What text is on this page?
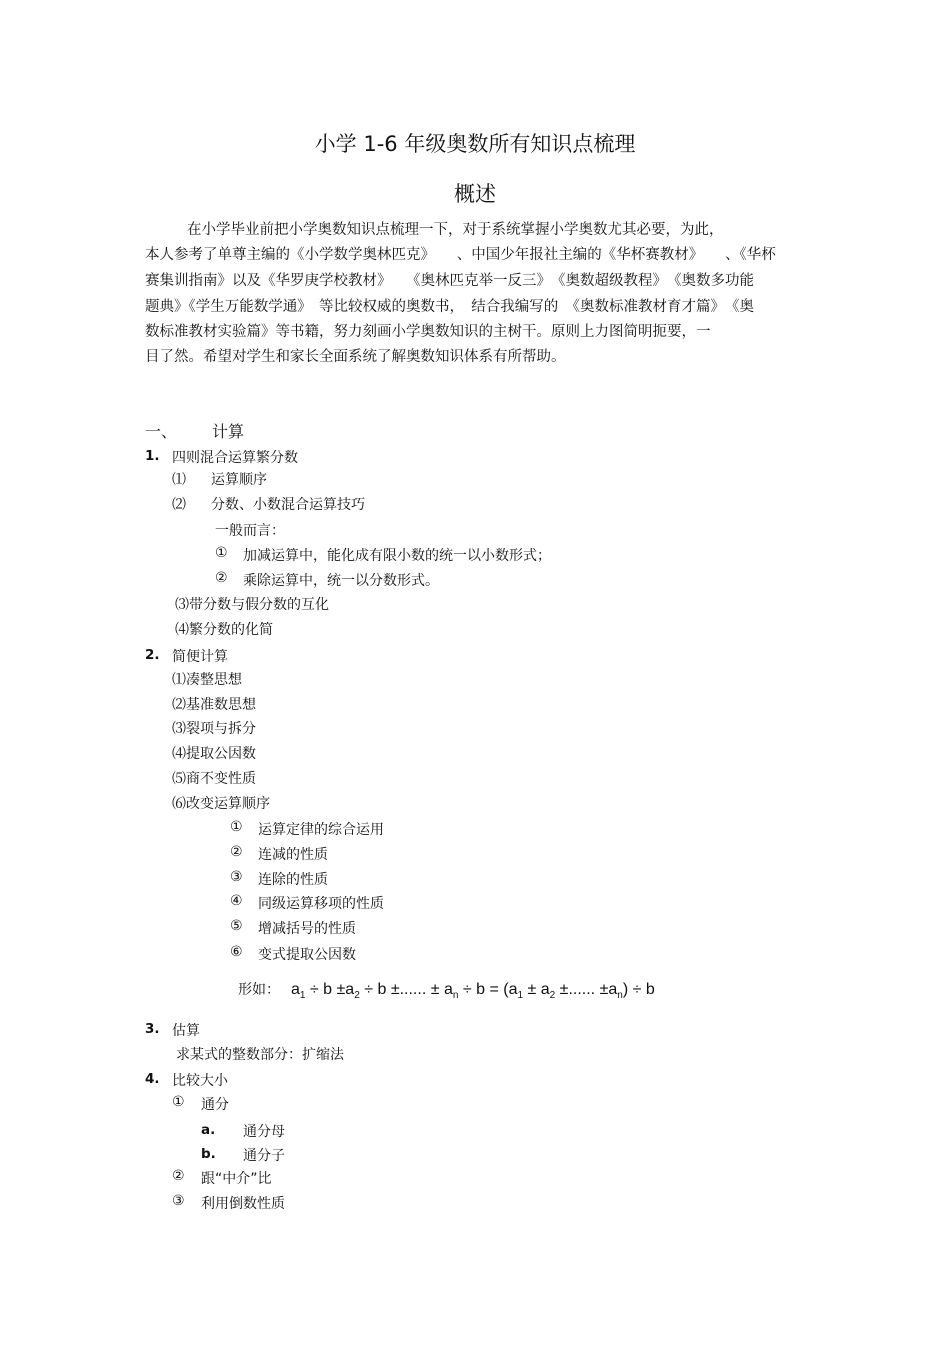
小学 1-6 年级奥数所有知识点梳理
概述
在小学毕业前把小学奥数知识点梳理一下，对于系统掌握小学奥数尤其必要，为此，
本人参考了单尊主编的《小学数学奥林匹克》　　、中国少年报社主编的《华杯赛教材》　　、《华杯
赛集训指南》以及《华罗庚学校教材》　　《奥林匹克举一反三》　《奥数超级教程》　《奥数多功能
题典》《学生万能数学通》　等比较权威的奥数书，　结合我编写的　《奥数标准教材育才篇》　《奥
数标准教材实验篇》等书籍，努力刻画小学奥数知识的主树干。原则上力图简明扼要，一
目了然。希望对学生和家长全面系统了解奥数知识体系有所帮助。
一、 计算
1. 四则混合运算繁分数
⑴ 运算顺序
⑵ 分数、小数混合运算技巧
一般而言：
① 加减运算中，能化成有限小数的统一以小数形式；
② 乘除运算中，统一以分数形式。
⑶带分数与假分数的互化
⑷繁分数的化简
2. 简便计算
⑴凑整思想
⑵基准数思想
⑶裂项与拆分
⑷提取公因数
⑸商不变性质
⑹改变运算顺序
① 运算定律的综合运用
② 连减的性质
③ 连除的性质
④ 同级运算移项的性质
⑤ 增减括号的性质
⑥ 变式提取公因数
形如： $a_1 \div b \pm a_2 \div b$ ±...... ± $a_n \div b = (a_1 \pm a_2$ ±...... $\pm a_n) \div b$
3. 估算
求某式的整数部分：扩缩法
4. 比较大小
① 通分
a. 通分母
b. 通分子
② 跟“中介”比
③ 利用倒数性质
